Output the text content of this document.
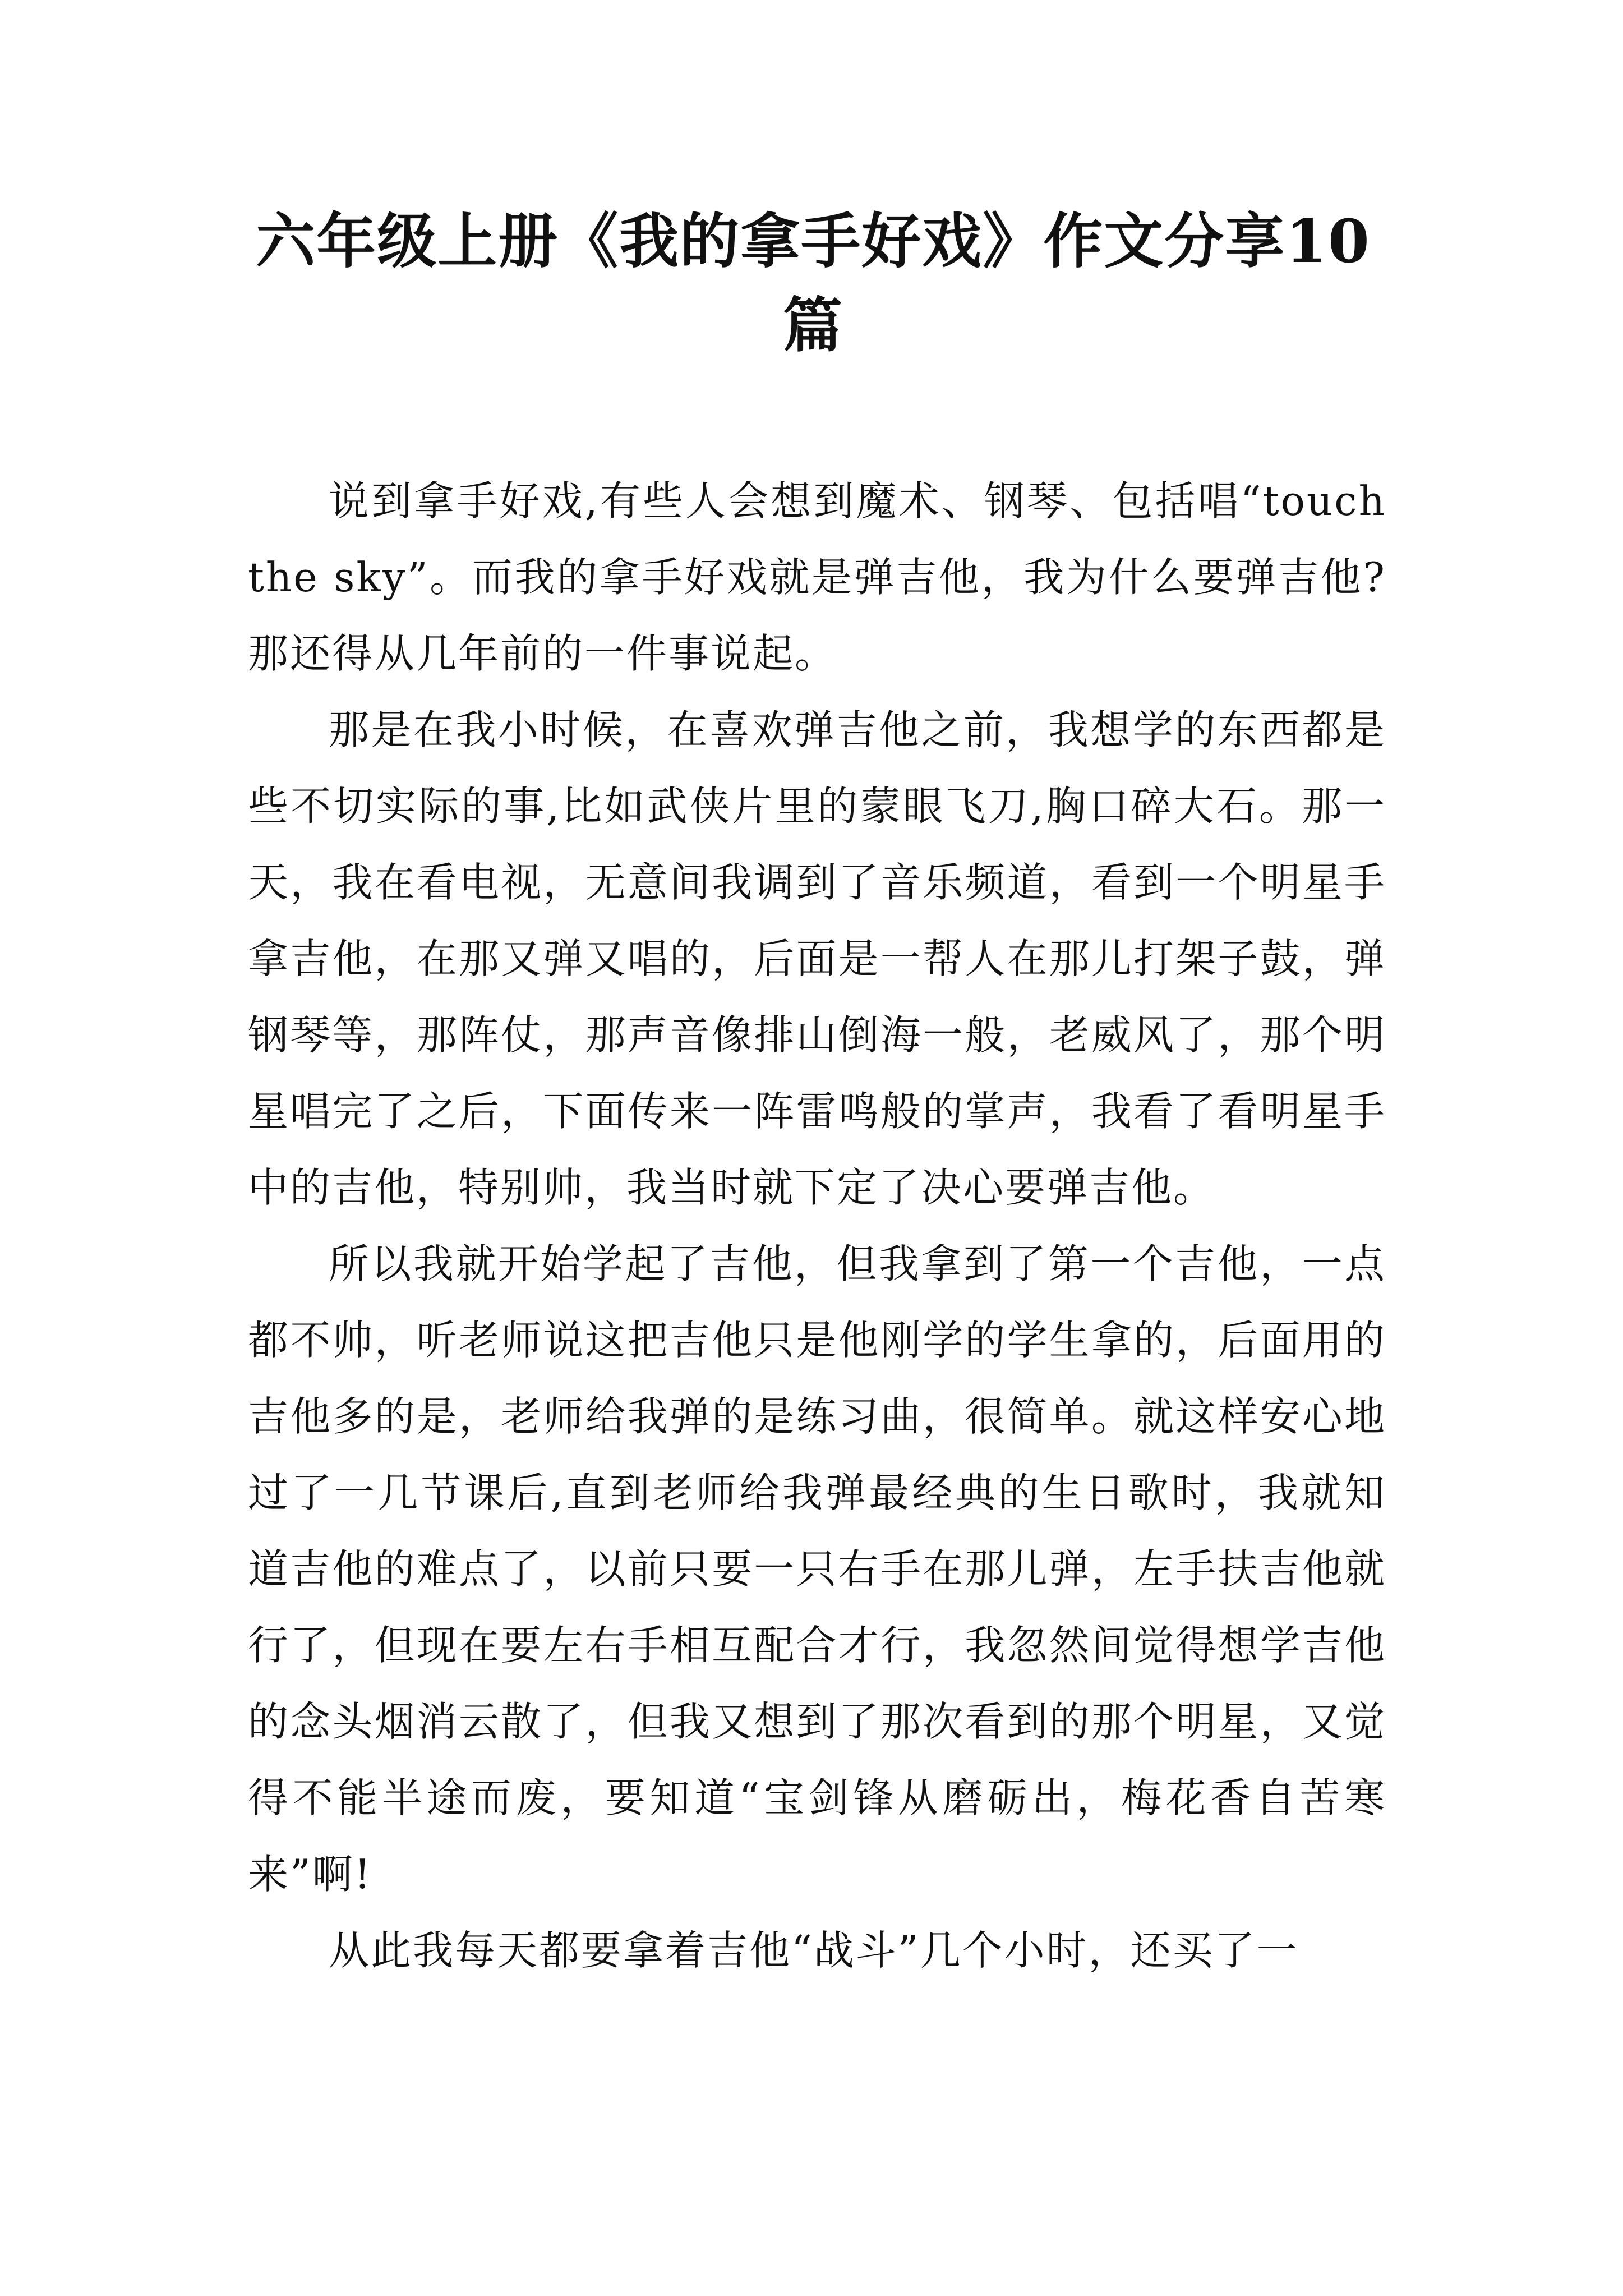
六年级上册《我的拿手好戏》作文分享10篇

说到拿手好戏,有些人会想到魔术、钢琴、包括唱“touch the sky”。而我的拿手好戏就是弹吉他，我为什么要弹吉他?那还得从几年前的一件事说起。

那是在我小时候，在喜欢弹吉他之前，我想学的东西都是些不切实际的事,比如武侠片里的蒙眼飞刀,胸口碎大石。那一天，我在看电视，无意间我调到了音乐频道，看到一个明星手拿吉他，在那又弹又唱的，后面是一帮人在那儿打架子鼓，弹钢琴等，那阵仗，那声音像排山倒海一般，老威风了，那个明星唱完了之后，下面传来一阵雷鸣般的掌声，我看了看明星手中的吉他，特别帅，我当时就下定了决心要弹吉他。

所以我就开始学起了吉他，但我拿到了第一个吉他，一点都不帅，听老师说这把吉他只是他刚学的学生拿的，后面用的吉他多的是，老师给我弹的是练习曲，很简单。就这样安心地过了一几节课后,直到老师给我弹最经典的生日歌时，我就知道吉他的难点了，以前只要一只右手在那儿弹，左手扶吉他就行了，但现在要左右手相互配合才行，我忽然间觉得想学吉他的念头烟消云散了，但我又想到了那次看到的那个明星，又觉得不能半途而废，要知道“宝剑锋从磨砺出，梅花香自苦寒来”啊!

从此我每天都要拿着吉他“战斗”几个小时，还买了一
